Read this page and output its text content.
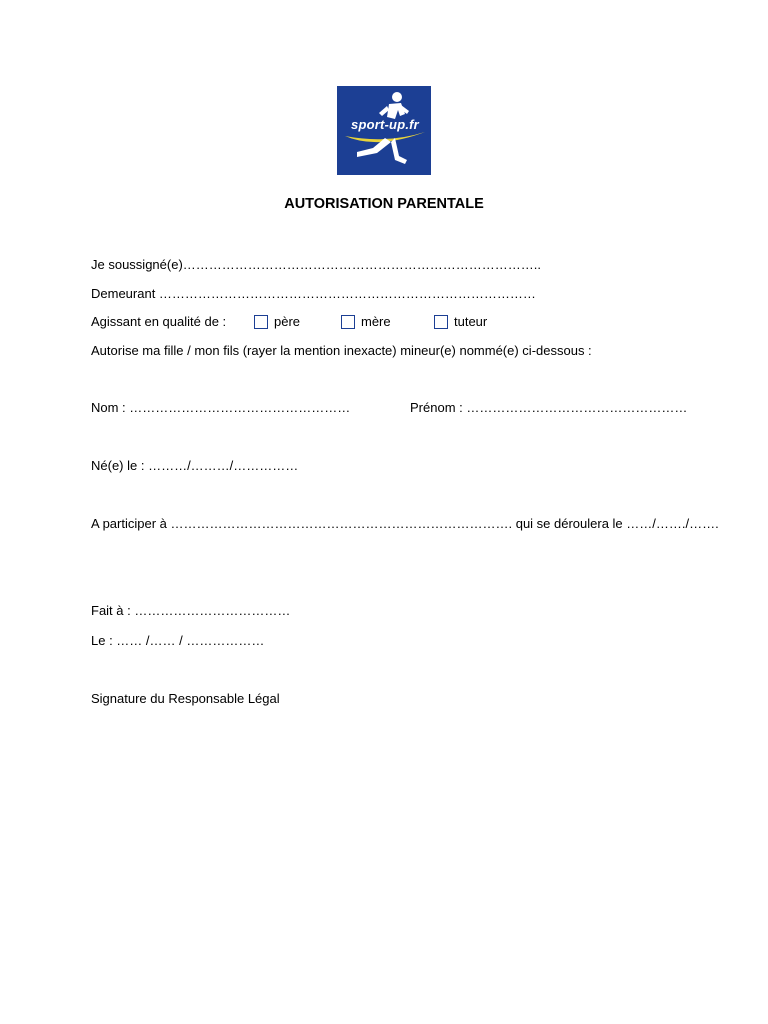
sport-up.fr
AUTORISATION PARENTALE
Je soussigné(e)………………………………………………………………………..
Demeurant ……………………………………………………………………………
Agissant en qualité de :	père	mère	tuteur
Autorise ma fille / mon fils (rayer la mention inexacte) mineur(e) nommé(e) ci-dessous :
Nom : ……………………………………………	Prénom : ……………………………………………
Né(e) le : ………/………/……………
A participer à ……………………………………………………………………. qui se déroulera le ……/……./…….
Fait à : ………………………………
Le : …… /…… / ………………
Signature du Responsable Légal
